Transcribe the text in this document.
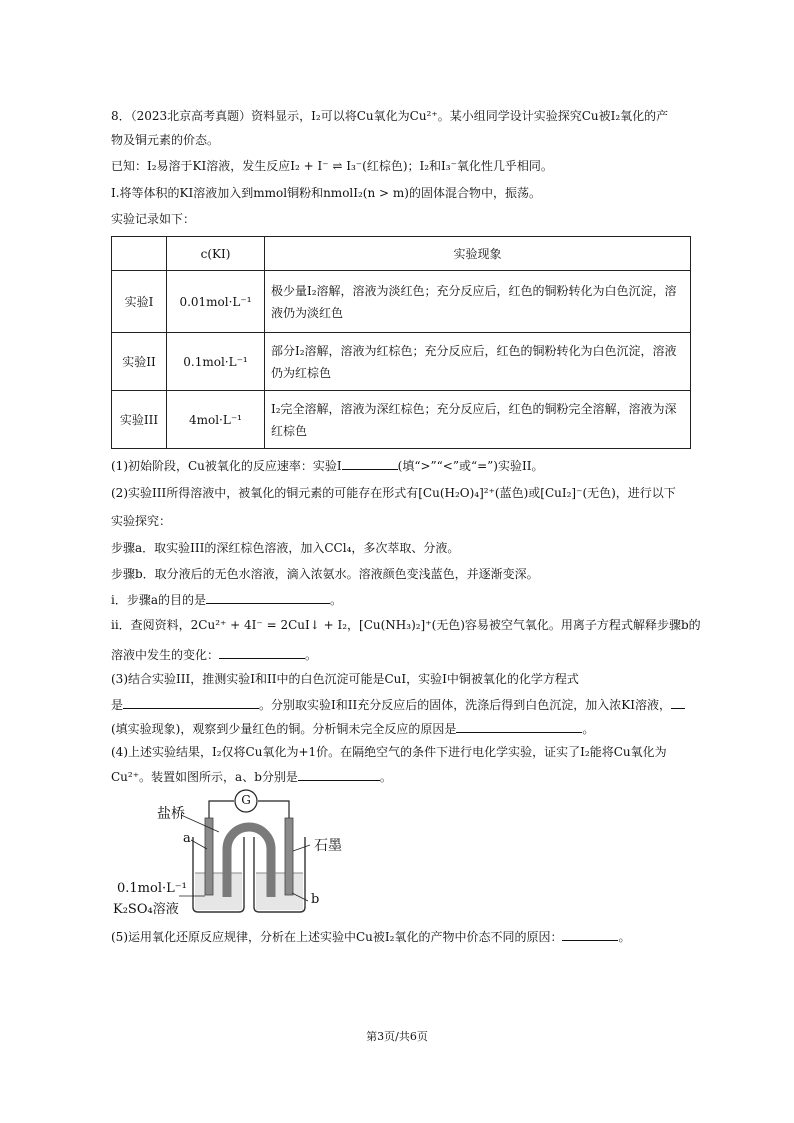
8．（2023北京高考真题）资料显示，I₂可以将Cu氧化为Cu²⁺。某小组同学设计实验探究Cu被I₂氧化的产
物及铜元素的价态。
已知：I₂易溶于KI溶液，发生反应I₂ + I⁻ ⇌ I₃⁻(红棕色)；I₂和I₃⁻氧化性几乎相同。
I.将等体积的KI溶液加入到mmol铜粉和nmolI₂(n > m)的固体混合物中，振荡。
实验记录如下：
	c(KI)	实验现象
实验I	0.01mol·L⁻¹	极少量I₂溶解，溶液为淡红色；充分反应后，红色的铜粉转化为白色沉淀，溶液仍为淡红色
实验II	0.1mol·L⁻¹	部分I₂溶解，溶液为红棕色；充分反应后，红色的铜粉转化为白色沉淀，溶液仍为红棕色
实验III	4mol·L⁻¹	I₂完全溶解，溶液为深红棕色；充分反应后，红色的铜粉完全溶解，溶液为深红棕色
(1)初始阶段，Cu被氧化的反应速率：实验I	(填“>”“<”或“=”)实验II。
(2)实验III所得溶液中，被氧化的铜元素的可能存在形式有[Cu(H₂O)₄]²⁺(蓝色)或[CuI₂]⁻(无色)，进行以下
实验探究：
步骤a．取实验III的深红棕色溶液，加入CCl₄，多次萃取、分液。
步骤b．取分液后的无色水溶液，滴入浓氨水。溶液颜色变浅蓝色，并逐渐变深。
i．步骤a的目的是	。
ii．查阅资料，2Cu²⁺ + 4I⁻ = 2CuI↓ + I₂，[Cu(NH₃)₂]⁺(无色)容易被空气氧化。用离子方程式解释步骤b的
溶液中发生的变化：	。
(3)结合实验III，推测实验I和II中的白色沉淀可能是CuI，实验I中铜被氧化的化学方程式
是	。分别取实验I和II充分反应后的固体，洗涤后得到白色沉淀，加入浓KI溶液，
(填实验现象)，观察到少量红色的铜。分析铜未完全反应的原因是	。
(4)上述实验结果，I₂仅将Cu氧化为+1价。在隔绝空气的条件下进行电化学实验，证实了I₂能将Cu氧化为
Cu²⁺。装置如图所示，a、b分别是	。
G
盐桥
a	石墨
b
0.1mol·L⁻¹
K₂SO₄溶液
(5)运用氧化还原反应规律，分析在上述实验中Cu被I₂氧化的产物中价态不同的原因：	。
第3页/共6页
